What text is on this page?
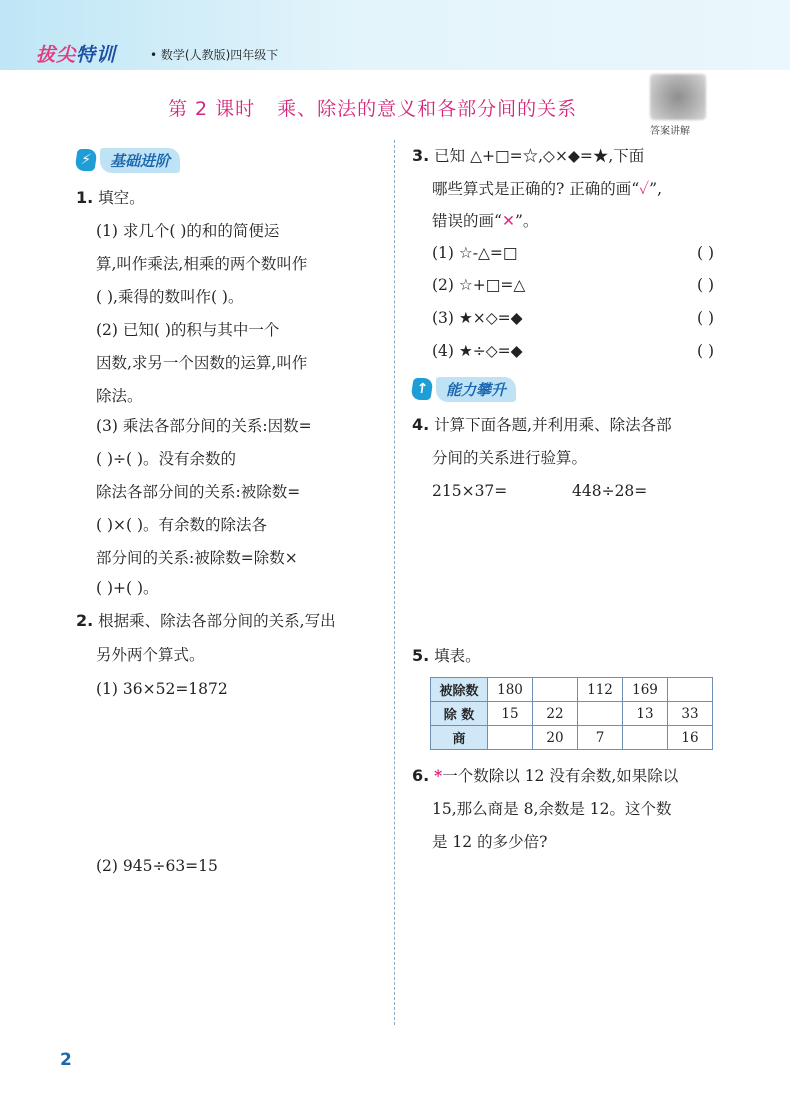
拔尖特训	• 数学(人教版)四年级下
第 2 课时 乘、除法的意义和各部分间的关系
答案讲解
⚡	基础进阶
1. 填空。
(1) 求几个( )的和的简便运
算,叫作乘法,相乘的两个数叫作
( ),乘得的数叫作( )。
(2) 已知( )的积与其中一个
因数,求另一个因数的运算,叫作
除法。
(3) 乘法各部分间的关系:因数=
( )÷( )。没有余数的
除法各部分间的关系:被除数=
( )×( )。有余数的除法各
部分间的关系:被除数=除数×
( )+( )。
2. 根据乘、除法各部分间的关系,写出
另外两个算式。
(1) 36×52=1872
(2) 945÷63=15
3. 已知 △+□=☆,◇×◆=★,下面
哪些算式是正确的? 正确的画“✓”,
错误的画“✕”。
(1) ☆-△=□	( )
(2) ☆+□=△	( )
(3) ★×◇=◆	( )
(4) ★÷◇=◆	( )
↑	能力攀升
4. 计算下面各题,并利用乘、除法各部
分间的关系进行验算。
215×37=	448÷28=
5. 填表。
被除数	180		112	169	
除 数	15	22		13	33
商		20	7		16
6. *一个数除以 12 没有余数,如果除以
15,那么商是 8,余数是 12。这个数
是 12 的多少倍?
2
